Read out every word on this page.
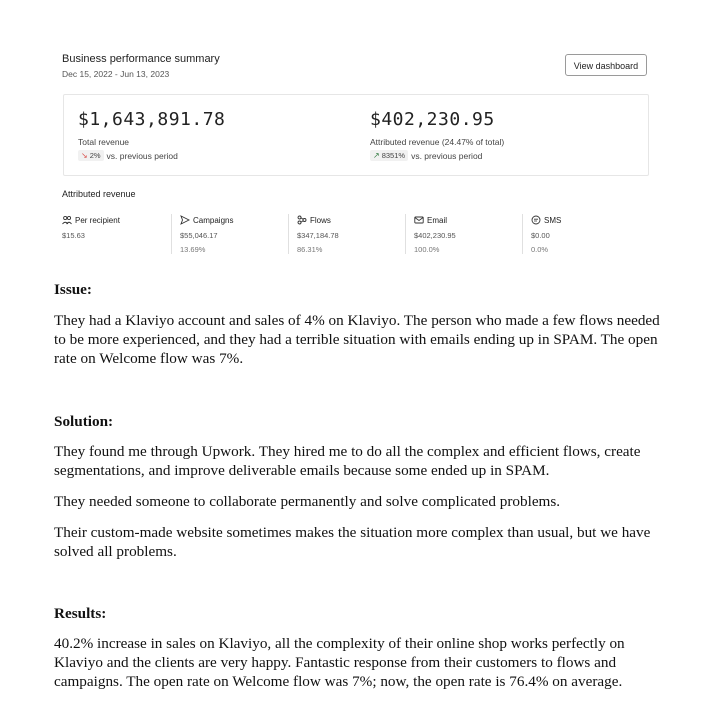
Business performance summary
Dec 15, 2022 - Jun 13, 2023
View dashboard
$1,643,891.78
Total revenue
↘ 2% vs. previous period
$402,230.95
Attributed revenue (24.47% of total)
↗ 8351% vs. previous period
Attributed revenue
Per recipient
$15.63
Campaigns
$55,046.17
13.69%
Flows
$347,184.78
86.31%
Email
$402,230.95
100.0%
SMS
$0.00
0.0%

Issue:

They had a Klaviyo account and sales of 4% on Klaviyo. The person who made a few flows needed to be more experienced, and they had a terrible situation with emails ending up in SPAM. The open rate on Welcome flow was 7%.

Solution:

They found me through Upwork. They hired me to do all the complex and efficient flows, create segmentations, and improve deliverable emails because some ended up in SPAM.

They needed someone to collaborate permanently and solve complicated problems.

Their custom-made website sometimes makes the situation more complex than usual, but we have solved all problems.

Results:

40.2% increase in sales on Klaviyo, all the complexity of their online shop works perfectly on Klaviyo and the clients are very happy. Fantastic response from their customers to flows and campaigns. The open rate on Welcome flow was 7%; now, the open rate is 76.4% on average.
